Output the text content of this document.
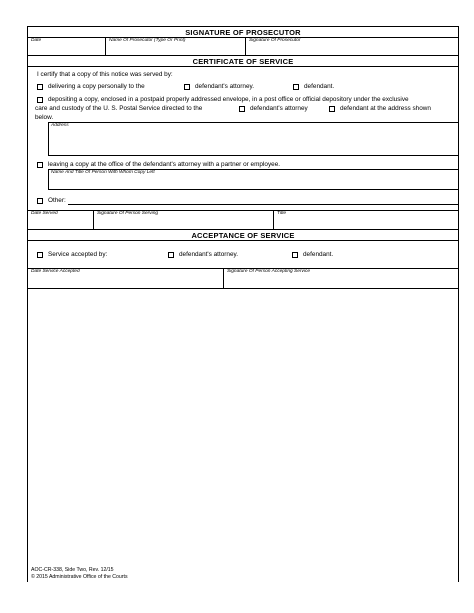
SIGNATURE OF PROSECUTOR
Date	Name Of Prosecutor (Type Or Print)	Signature Of Prosecutor
CERTIFICATE OF SERVICE
I certify that a copy of this notice was served by:
delivering a copy personally to the	defendant's attorney.	defendant.
depositing a copy, enclosed in a postpaid properly addressed envelope, in a post office or official depository under the exclusive
care and custody of the U. S. Postal Service directed to the	defendant's attorney	defendant at the address shown
below.
Address
leaving a copy at the office of the defendant's attorney with a partner or employee.
Name And Title Of Person With Whom Copy Left
Other:
Date Served	Signature Of Person Serving	Title
ACCEPTANCE OF SERVICE
Service accepted by:	defendant's attorney.	defendant.
Date Service Accepted	Signature Of Person Accepting Service
AOC-CR-338, Side Two, Rev. 12/15
© 2015 Administrative Office of the Courts
